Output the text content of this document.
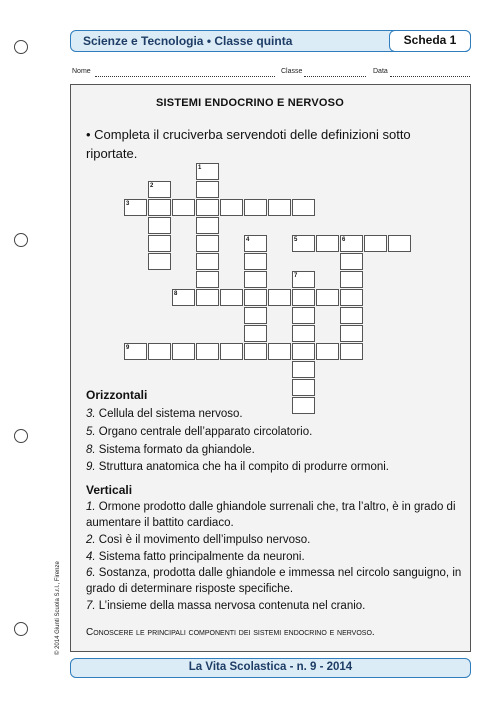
Scienze e Tecnologia • Classe quinta	Scheda 1
Nome	Classe	Data
SISTEMI ENDOCRINO E NERVOSO
• Completa il cruciverba servendoti delle definizioni sotto riportate.
1
2
3
4	5	6
7
8
9
Orizzontali
3. Cellula del sistema nervoso.
5. Organo centrale dell’apparato circolatorio.
8. Sistema formato da ghiandole.
9. Struttura anatomica che ha il compito di produrre ormoni.
Verticali
1. Ormone prodotto dalle ghiandole surrenali che, tra l’altro, è in grado di aumentare il battito cardiaco.
2. Così è il movimento dell’impulso nervoso.
4. Sistema fatto principalmente da neuroni.
6. Sostanza, prodotta dalle ghiandole e immessa nel circolo sanguigno, in grado di determinare risposte specifiche.
7. L’insieme della massa nervosa contenuta nel cranio.
Conoscere le principali componenti dei sistemi endocrino e nervoso.
La Vita Scolastica - n. 9 - 2014
© 2014 Giunti Scuola S.r.l., Firenze
